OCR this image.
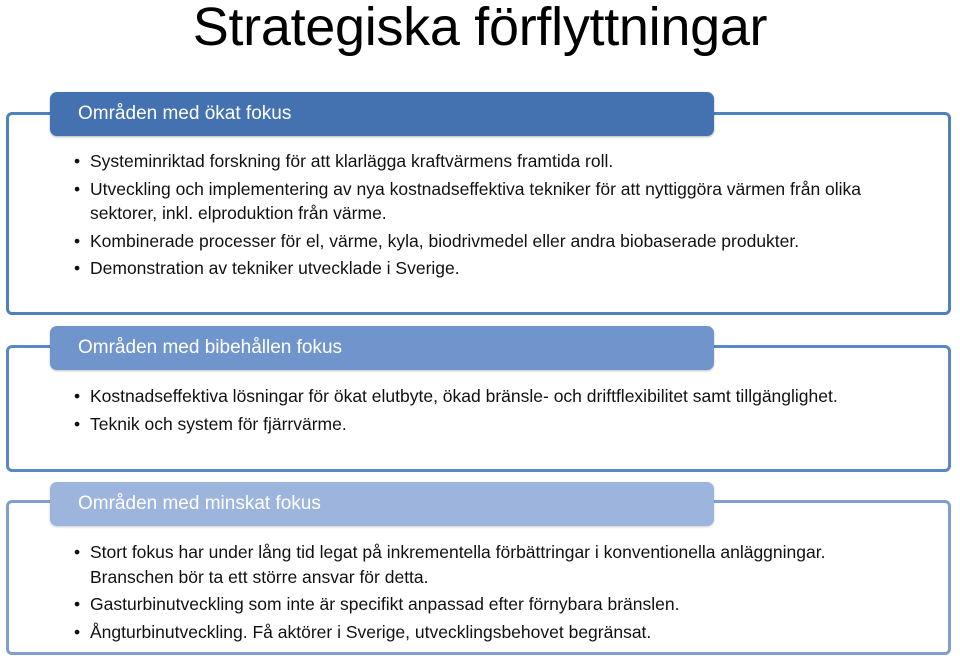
Strategiska förflyttningar
Områden med ökat fokus
• Systeminriktad forskning för att klarlägga kraftvärmens framtida roll.
• Utveckling och implementering av nya kostnadseffektiva tekniker för att nyttiggöra värmen från olika sektorer, inkl. elproduktion från värme.
• Kombinerade processer för el, värme, kyla, biodrivmedel eller andra biobaserade produkter.
• Demonstration av tekniker utvecklade i Sverige.
Områden med bibehållen fokus
• Kostnadseffektiva lösningar för ökat elutbyte, ökad bränsle- och driftflexibilitet samt tillgänglighet.
• Teknik och system för fjärrvärme.
Områden med minskat fokus
• Stort fokus har under lång tid legat på inkrementella förbättringar i konventionella anläggningar. Branschen bör ta ett större ansvar för detta.
• Gasturbinutveckling som inte är specifikt anpassad efter förnybara bränslen.
• Ångturbinutveckling. Få aktörer i Sverige, utvecklingsbehovet begränsat.
